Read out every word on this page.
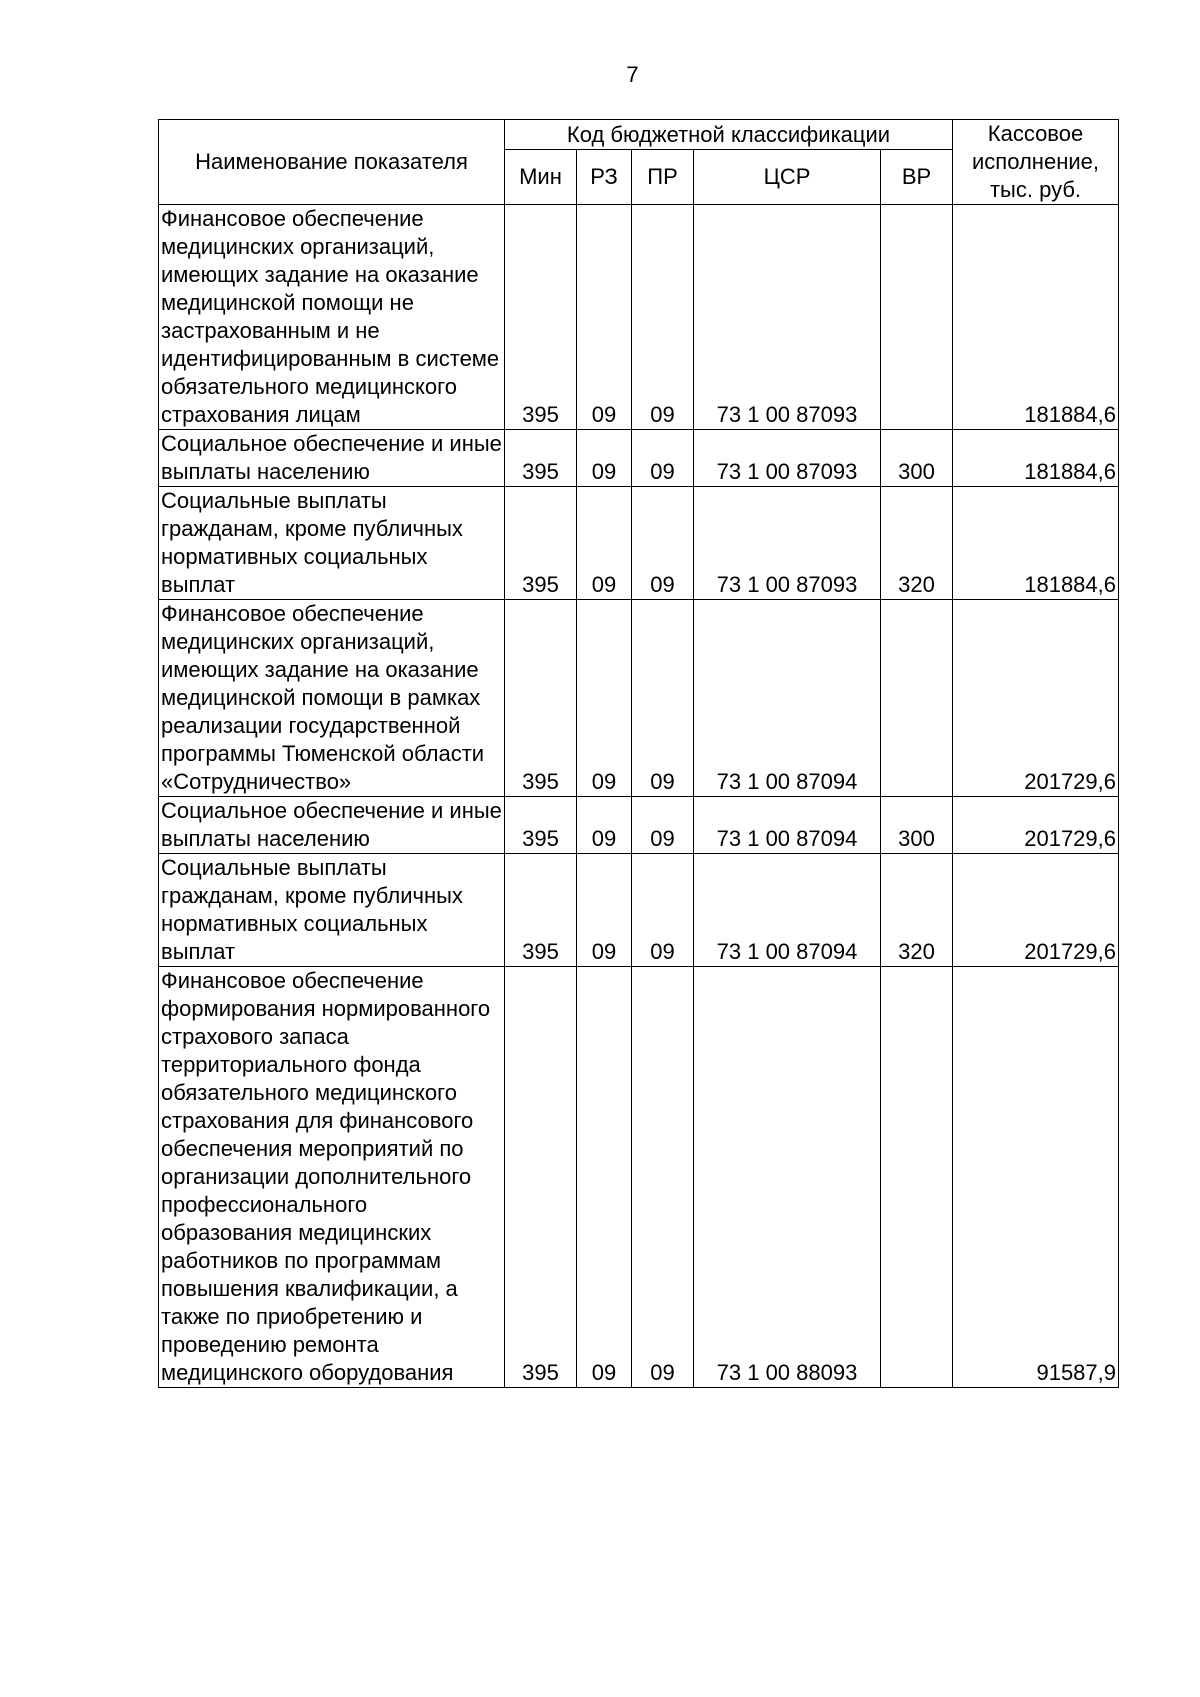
7
Наименование показателя	Код бюджетной классификации					Кассовое исполнение, тыс. руб.
	Мин	РЗ	ПР	ЦСР	ВР	
Финансовое обеспечение медицинских организаций, имеющих задание на оказание медицинской помощи не застрахованным и не идентифицированным в системе обязательного медицинского страхования лицам	395	09	09	73 1 00 87093		181884,6
Социальное обеспечение и иные выплаты населению	395	09	09	73 1 00 87093	300	181884,6
Социальные выплаты гражданам, кроме публичных нормативных социальных выплат	395	09	09	73 1 00 87093	320	181884,6
Финансовое обеспечение медицинских организаций, имеющих задание на оказание медицинской помощи в рамках реализации государственной программы Тюменской области «Сотрудничество»	395	09	09	73 1 00 87094		201729,6
Социальное обеспечение и иные выплаты населению	395	09	09	73 1 00 87094	300	201729,6
Социальные выплаты гражданам, кроме публичных нормативных социальных выплат	395	09	09	73 1 00 87094	320	201729,6
Финансовое обеспечение формирования нормированного страхового запаса территориального фонда обязательного медицинского страхования для финансового обеспечения мероприятий по организации дополнительного профессионального образования медицинских работников по программам повышения квалификации, а также по приобретению и проведению ремонта медицинского оборудования	395	09	09	73 1 00 88093		91587,9
